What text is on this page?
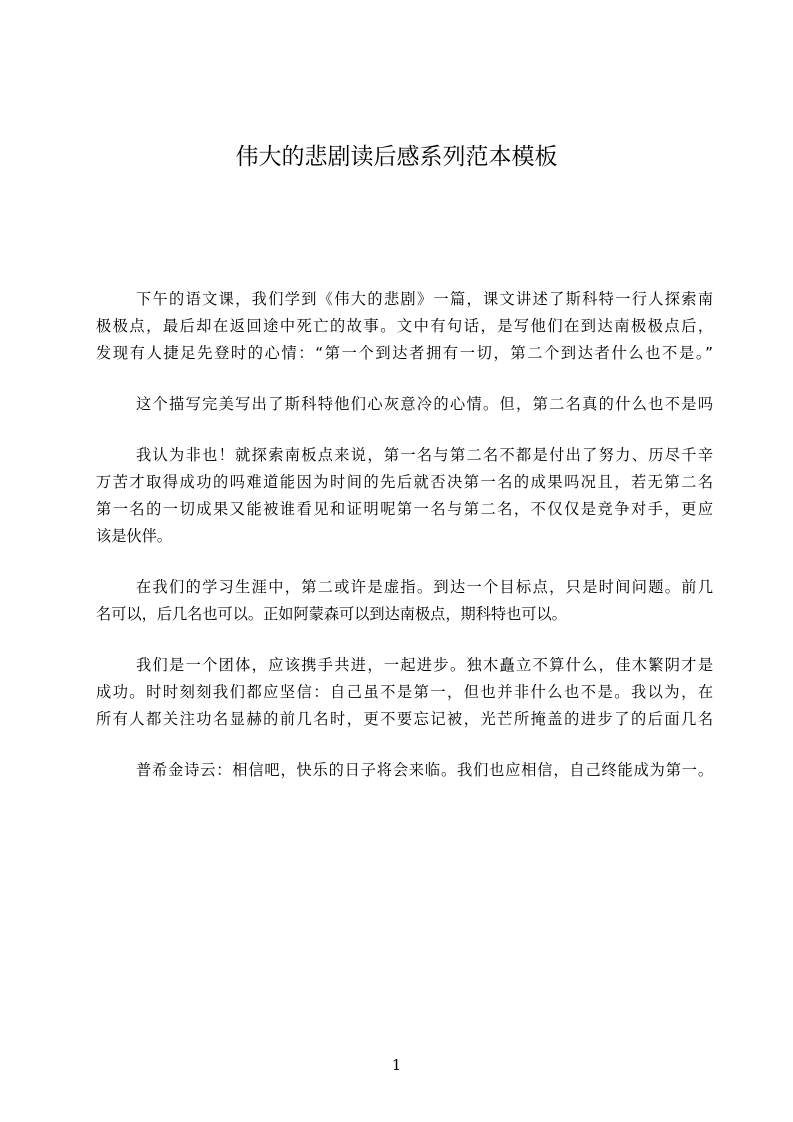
伟大的悲剧读后感系列范本模板

下午的语文课，我们学到《伟大的悲剧》一篇，课文讲述了斯科特一行人探索南
极极点，最后却在返回途中死亡的故事。文中有句话，是写他们在到达南极极点后，
发现有人捷足先登时的心情：“第一个到达者拥有一切，第二个到达者什么也不是。”

这个描写完美写出了斯科特他们心灰意冷的心情。但，第二名真的什么也不是吗

我认为非也！就探索南板点来说，第一名与第二名不都是付出了努力、历尽千辛
万苦才取得成功的吗难道能因为时间的先后就否决第一名的成果吗况且，若无第二名
第一名的一切成果又能被谁看见和证明呢第一名与第二名，不仅仅是竞争对手，更应
该是伙伴。

在我们的学习生涯中，第二或许是虚指。到达一个目标点，只是时间问题。前几
名可以，后几名也可以。正如阿蒙森可以到达南极点，期科特也可以。

我们是一个团体，应该携手共进，一起进步。独木矗立不算什么，佳木繁阴才是
成功。时时刻刻我们都应坚信：自己虽不是第一，但也并非什么也不是。我以为，在
所有人都关注功名显赫的前几名时，更不要忘记被，光芒所掩盖的进步了的后面几名

普希金诗云：相信吧，快乐的日子将会来临。我们也应相信，自己终能成为第一。

1
